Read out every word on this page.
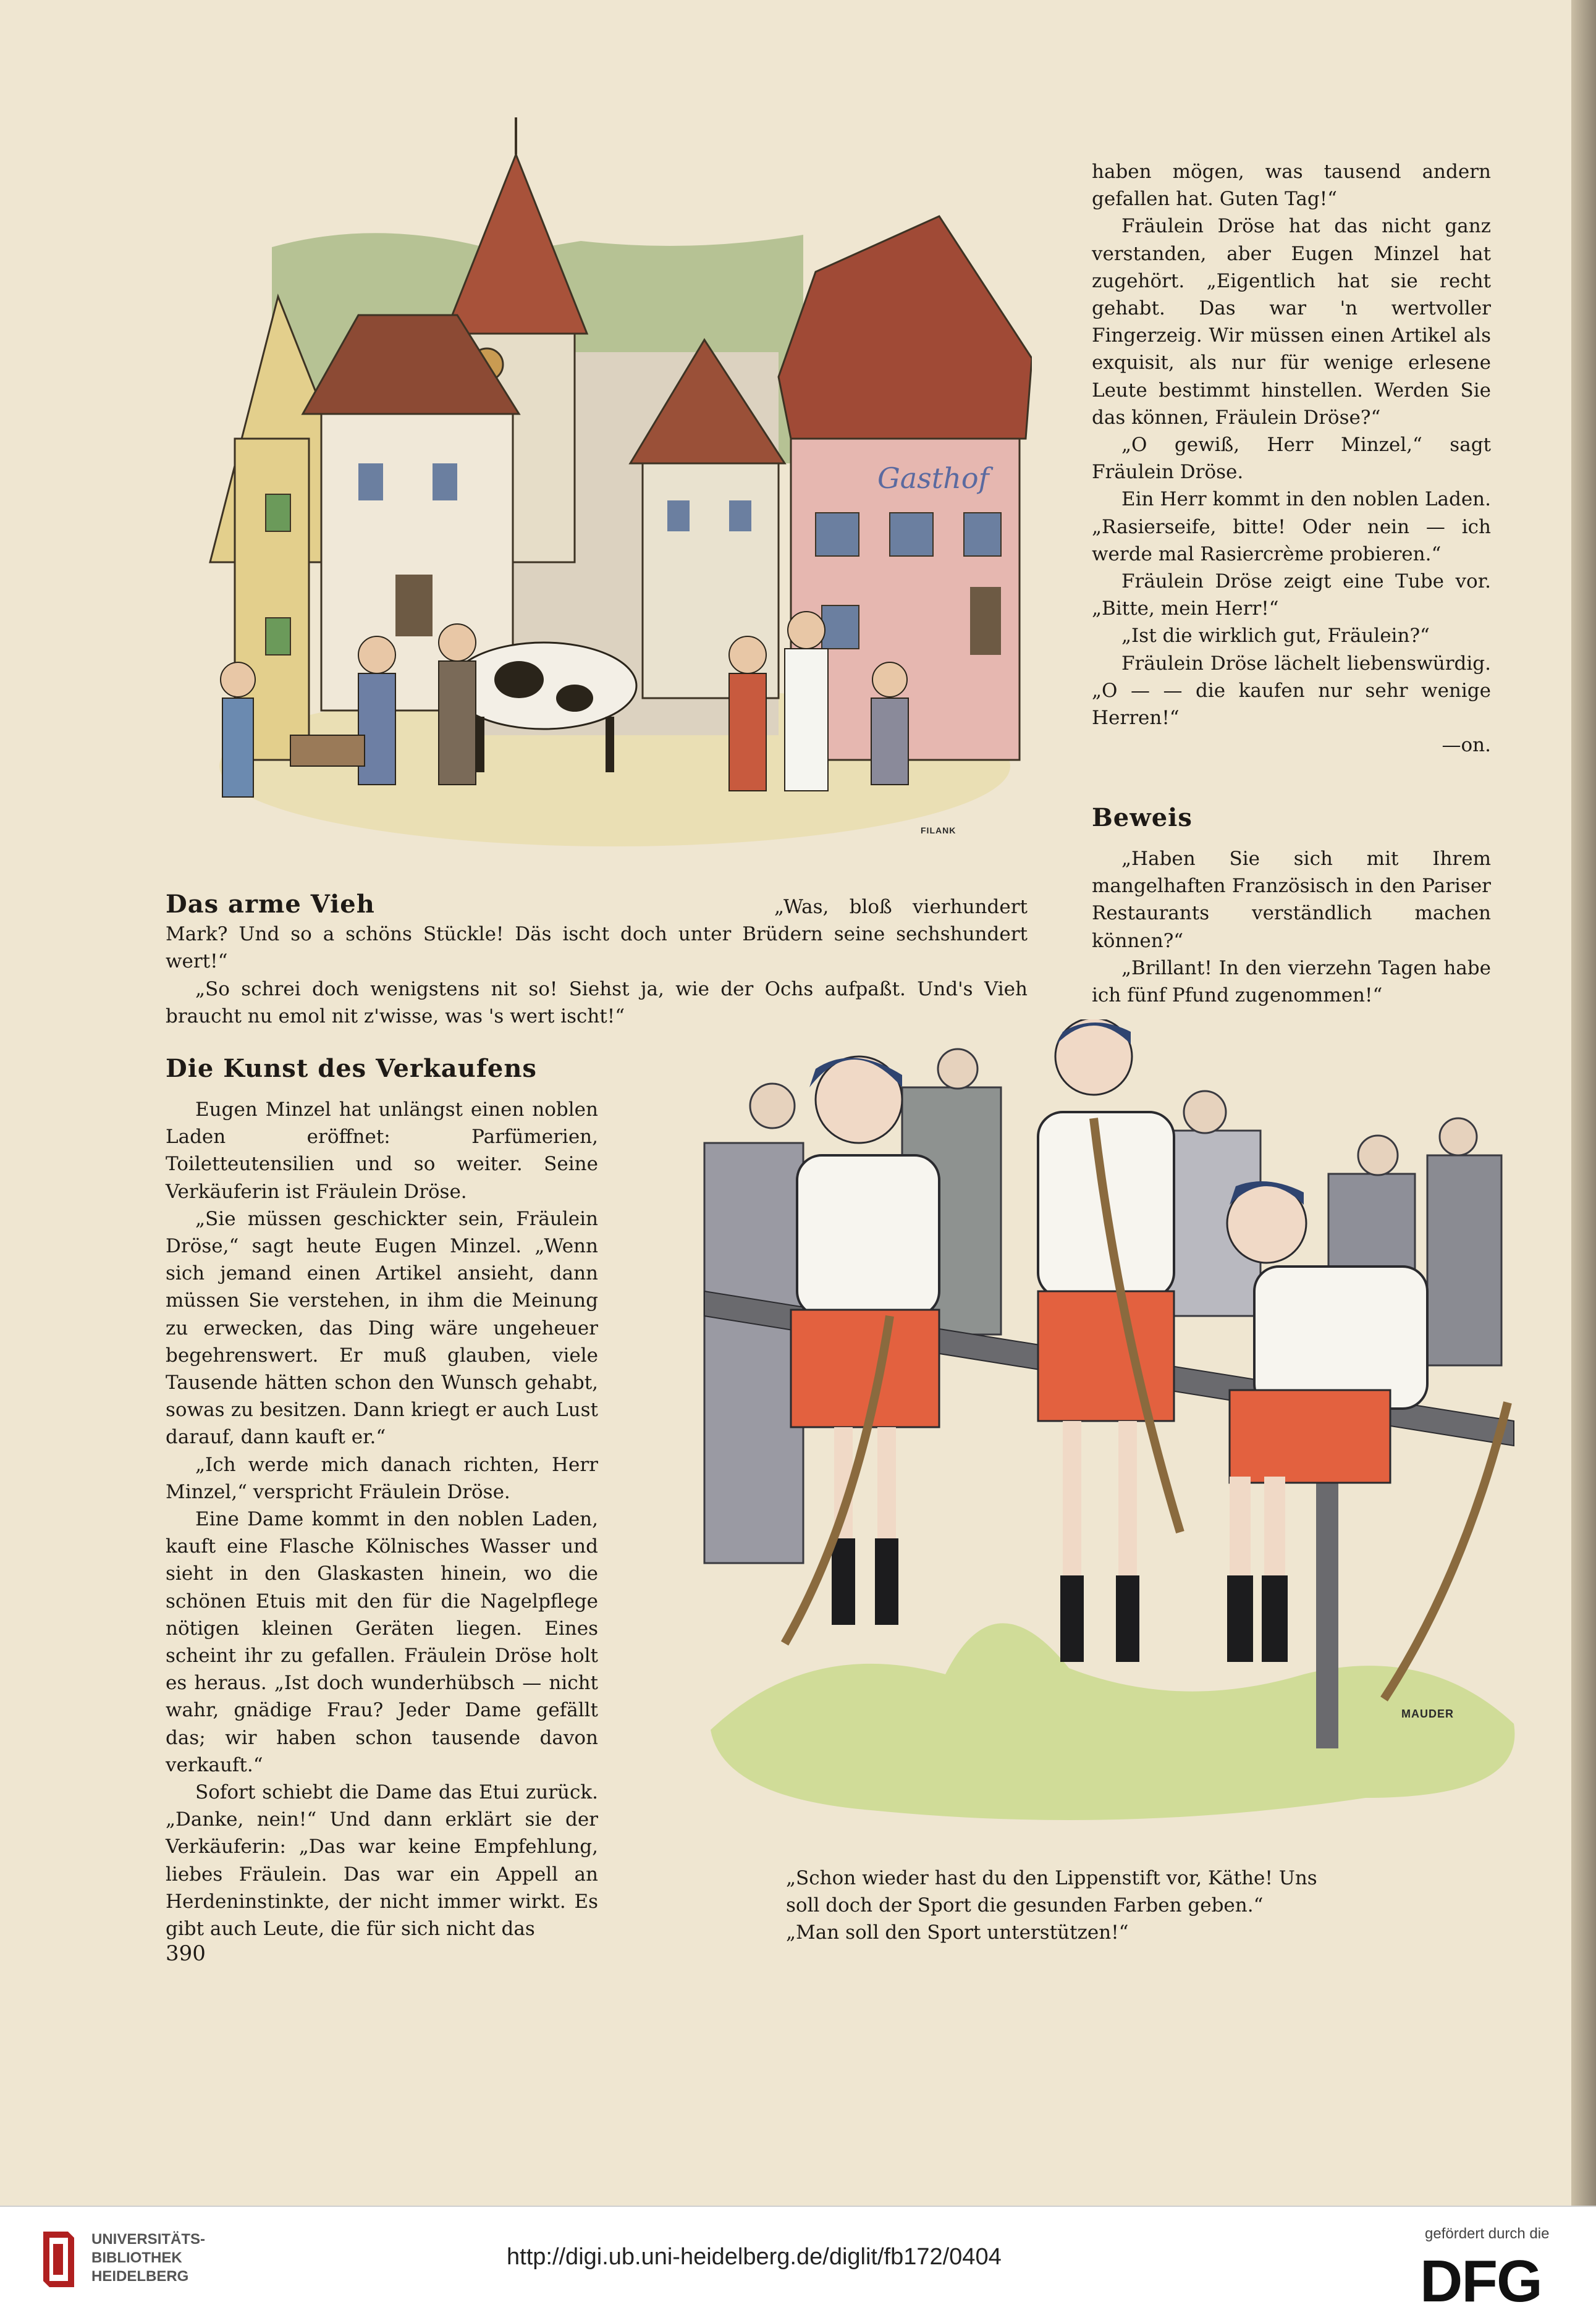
Gasthof
FILANK
Das arme Vieh	„Was, bloß vierhundert Mark? Und so a schöns Stückle! Däs ischt doch unter Brüdern seine sechshundert wert!“

„So schrei doch wenigstens nit so! Siehst ja, wie der Ochs aufpaßt. Und's Vieh braucht nu emol nit z'wisse, was 's wert ischt!“

Die Kunst des Verkaufens

Eugen Minzel hat unlängst einen noblen Laden eröffnet: Parfümerien, Toiletteutensilien und so weiter. Seine Verkäuferin ist Fräulein Dröse.

„Sie müssen geschickter sein, Fräulein Dröse,“ sagt heute Eugen Minzel. „Wenn sich jemand einen Artikel ansieht, dann müssen Sie verstehen, in ihm die Meinung zu erwecken, das Ding wäre ungeheuer begehrenswert. Er muß glauben, viele Tausende hätten schon den Wunsch gehabt, sowas zu besitzen. Dann kriegt er auch Lust darauf, dann kauft er.“

„Ich werde mich danach richten, Herr Minzel,“ verspricht Fräulein Dröse.

Eine Dame kommt in den noblen Laden, kauft eine Flasche Kölnisches Wasser und sieht in den Glaskasten hinein, wo die schönen Etuis mit den für die Nagelpflege nötigen kleinen Geräten liegen. Eines scheint ihr zu gefallen. Fräulein Dröse holt es heraus. „Ist doch wunderhübsch — nicht wahr, gnädige Frau? Jeder Dame gefällt das; wir haben schon tausende davon verkauft.“

Sofort schiebt die Dame das Etui zurück. „Danke, nein!“ Und dann erklärt sie der Verkäuferin: „Das war keine Empfehlung, liebes Fräulein. Das war ein Appell an Herdeninstinkte, der nicht immer wirkt. Es gibt auch Leute, die für sich nicht das

390

haben mögen, was tausend andern gefallen hat. Guten Tag!“

Fräulein Dröse hat das nicht ganz verstanden, aber Eugen Minzel hat zugehört. „Eigentlich hat sie recht gehabt. Das war 'n wertvoller Fingerzeig. Wir müssen einen Artikel als exquisit, als nur für wenige erlesene Leute bestimmt hinstellen. Werden Sie das können, Fräulein Dröse?“

„O gewiß, Herr Minzel,“ sagt Fräulein Dröse.

Ein Herr kommt in den noblen Laden. „Rasierseife, bitte! Oder nein — ich werde mal Rasiercrème probieren.“

Fräulein Dröse zeigt eine Tube vor. „Bitte, mein Herr!“

„Ist die wirklich gut, Fräulein?“

Fräulein Dröse lächelt liebenswürdig. „O — — die kaufen nur sehr wenige Herren!“

—on.

Beweis

„Haben Sie sich mit Ihrem mangelhaften Französisch in den Pariser Restaurants verständlich machen können?“

„Brillant! In den vierzehn Tagen habe ich fünf Pfund zugenommen!“

MAUDER
„Schon wieder hast du den Lippenstift vor, Käthe! Uns soll doch der Sport die gesunden Farben geben.“
„Man soll den Sport unterstützen!“
UNIVERSITÄTS-
BIBLIOTHEK
HEIDELBERG
http://digi.ub.uni-heidelberg.de/diglit/fb172/0404
gefördert durch die
DFG
